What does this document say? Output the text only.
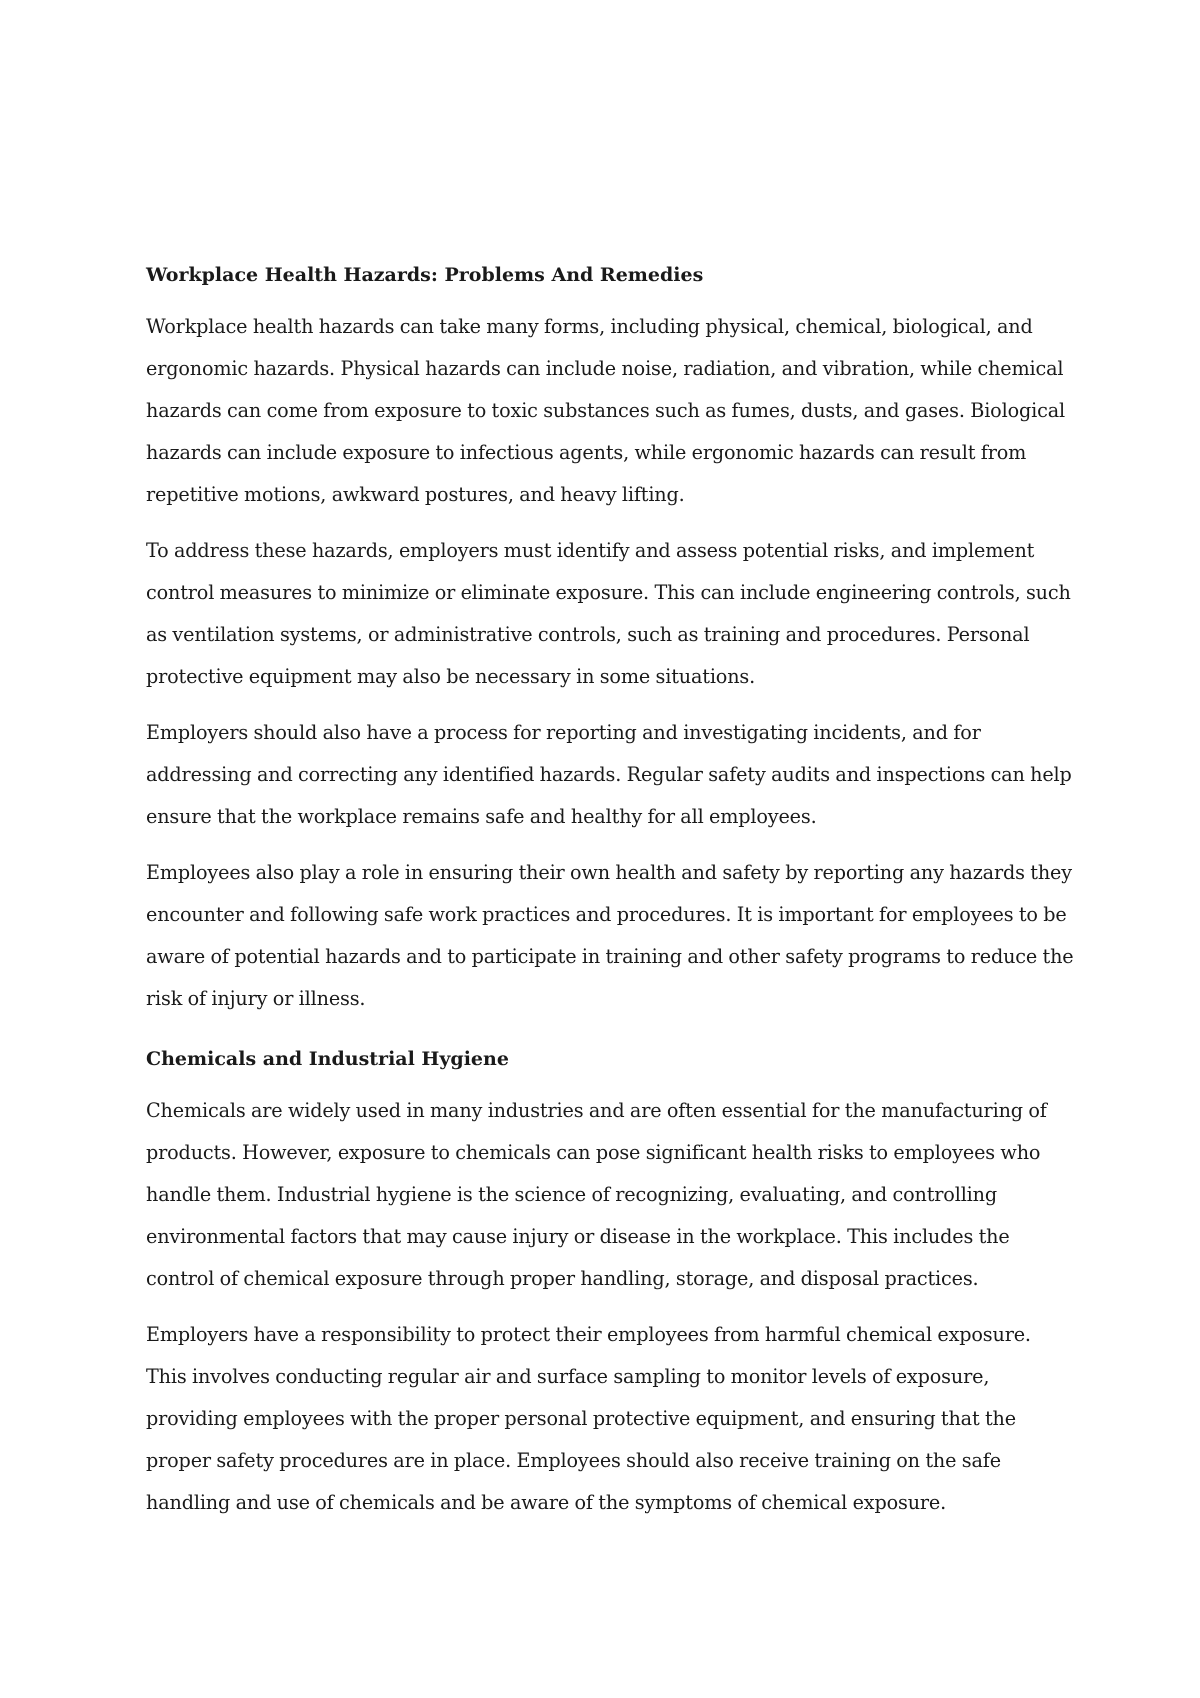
Workplace Health Hazards: Problems And Remedies

Workplace health hazards can take many forms, including physical, chemical, biological, and ergonomic hazards. Physical hazards can include noise, radiation, and vibration, while chemical hazards can come from exposure to toxic substances such as fumes, dusts, and gases. Biological hazards can include exposure to infectious agents, while ergonomic hazards can result from repetitive motions, awkward postures, and heavy lifting.

To address these hazards, employers must identify and assess potential risks, and implement control measures to minimize or eliminate exposure. This can include engineering controls, such as ventilation systems, or administrative controls, such as training and procedures. Personal protective equipment may also be necessary in some situations.

Employers should also have a process for reporting and investigating incidents, and for addressing and correcting any identified hazards. Regular safety audits and inspections can help ensure that the workplace remains safe and healthy for all employees.

Employees also play a role in ensuring their own health and safety by reporting any hazards they encounter and following safe work practices and procedures. It is important for employees to be aware of potential hazards and to participate in training and other safety programs to reduce the risk of injury or illness.

Chemicals and Industrial Hygiene

Chemicals are widely used in many industries and are often essential for the manufacturing of products. However, exposure to chemicals can pose significant health risks to employees who handle them. Industrial hygiene is the science of recognizing, evaluating, and controlling environmental factors that may cause injury or disease in the workplace. This includes the control of chemical exposure through proper handling, storage, and disposal practices.

Employers have a responsibility to protect their employees from harmful chemical exposure. This involves conducting regular air and surface sampling to monitor levels of exposure, providing employees with the proper personal protective equipment, and ensuring that the proper safety procedures are in place. Employees should also receive training on the safe handling and use of chemicals and be aware of the symptoms of chemical exposure.
